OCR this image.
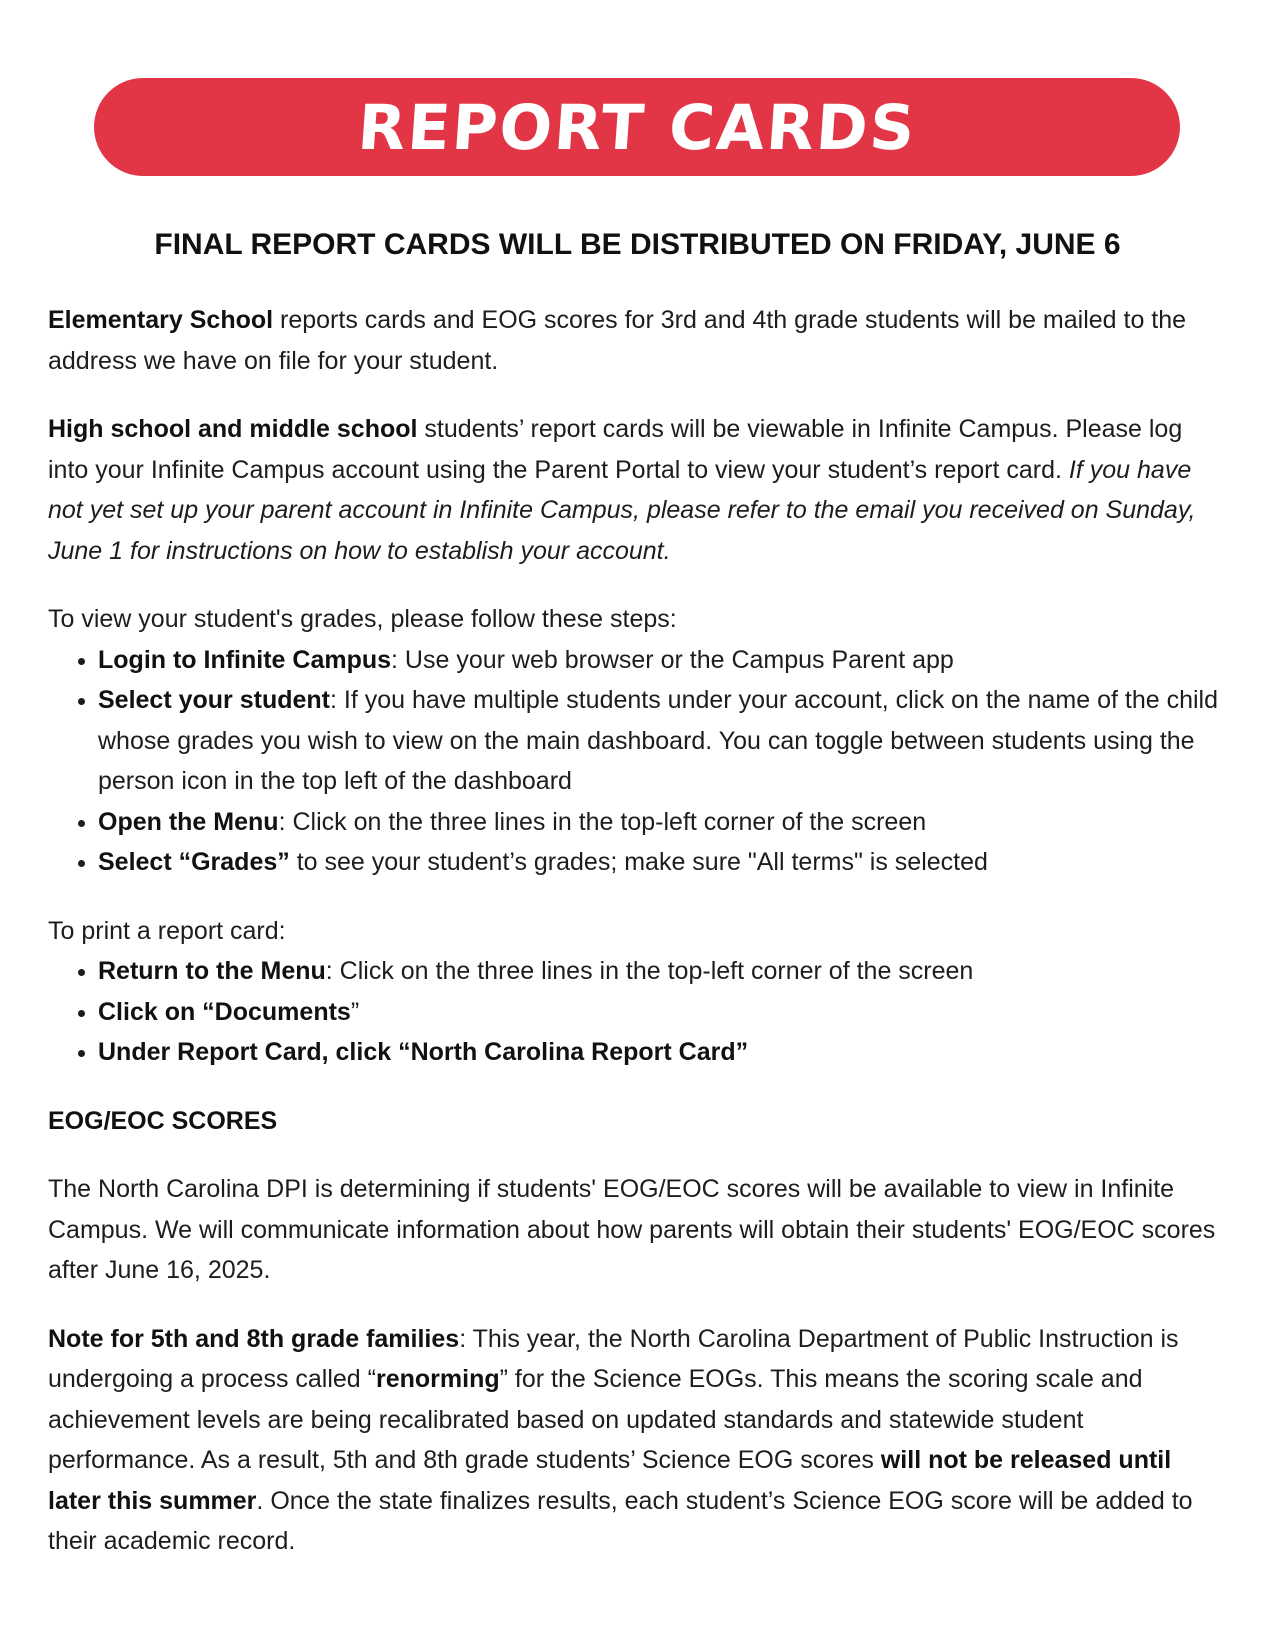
REPORT CARDS
FINAL REPORT CARDS WILL BE DISTRIBUTED ON FRIDAY, JUNE 6

Elementary School reports cards and EOG scores for 3rd and 4th grade students will be mailed to the address we have on file for your student.

High school and middle school students’ report cards will be viewable in Infinite Campus. Please log into your Infinite Campus account using the Parent Portal to view your student’s report card. If you have not yet set up your parent account in Infinite Campus, please refer to the email you received on Sunday, June 1 for instructions on how to establish your account.

To view your student's grades, please follow these steps:

• Login to Infinite Campus: Use your web browser or the Campus Parent app
• Select your student: If you have multiple students under your account, click on the name of the child whose grades you wish to view on the main dashboard. You can toggle between students using the person icon in the top left of the dashboard
• Open the Menu: Click on the three lines in the top-left corner of the screen
• Select “Grades” to see your student’s grades; make sure "All terms" is selected

To print a report card:

• Return to the Menu: Click on the three lines in the top-left corner of the screen
• Click on “Documents”
• Under Report Card, click “North Carolina Report Card”

EOG/EOC SCORES

The North Carolina DPI is determining if students' EOG/EOC scores will be available to view in Infinite Campus. We will communicate information about how parents will obtain their students' EOG/EOC scores after June 16, 2025.

Note for 5th and 8th grade families: This year, the North Carolina Department of Public Instruction is undergoing a process called “renorming” for the Science EOGs. This means the scoring scale and achievement levels are being recalibrated based on updated standards and statewide student performance. As a result, 5th and 8th grade students’ Science EOG scores will not be released until later this summer. Once the state finalizes results, each student’s Science EOG score will be added to their academic record.
